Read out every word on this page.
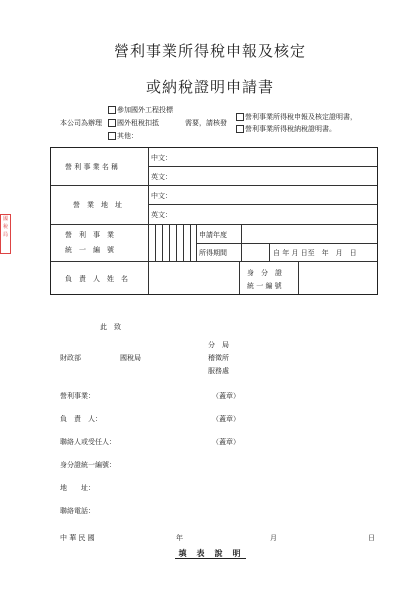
國稅局
營利事業所得稅申報及核定
或納稅證明申請書
參加國外工程投標
本公司為辦理	國外租稅扣抵
其他：
需要，請核發
營利事業所得稅申報及核定證明書，
營利事業所得稅納稅證明書。
營 利 事 業 名 稱
中文：
英文：
營　業　地　址
中文：
英文：
營　利　事　業
統　一　編　號
申請年度
所得期間	自 年 月 日至　年　月　日
負　責　人　姓　名
身　分　證
統 一 編 號
此　致
分　局
財政部	國稅局	稽徵所
服務處
營利事業：	（蓋章）
負　責　人：	（蓋章）
聯絡人或受任人：	（蓋章）
身分證統一編號：
地　　址：
聯絡電話：
中 華 民 國	年	月	日
填　表　說　明
